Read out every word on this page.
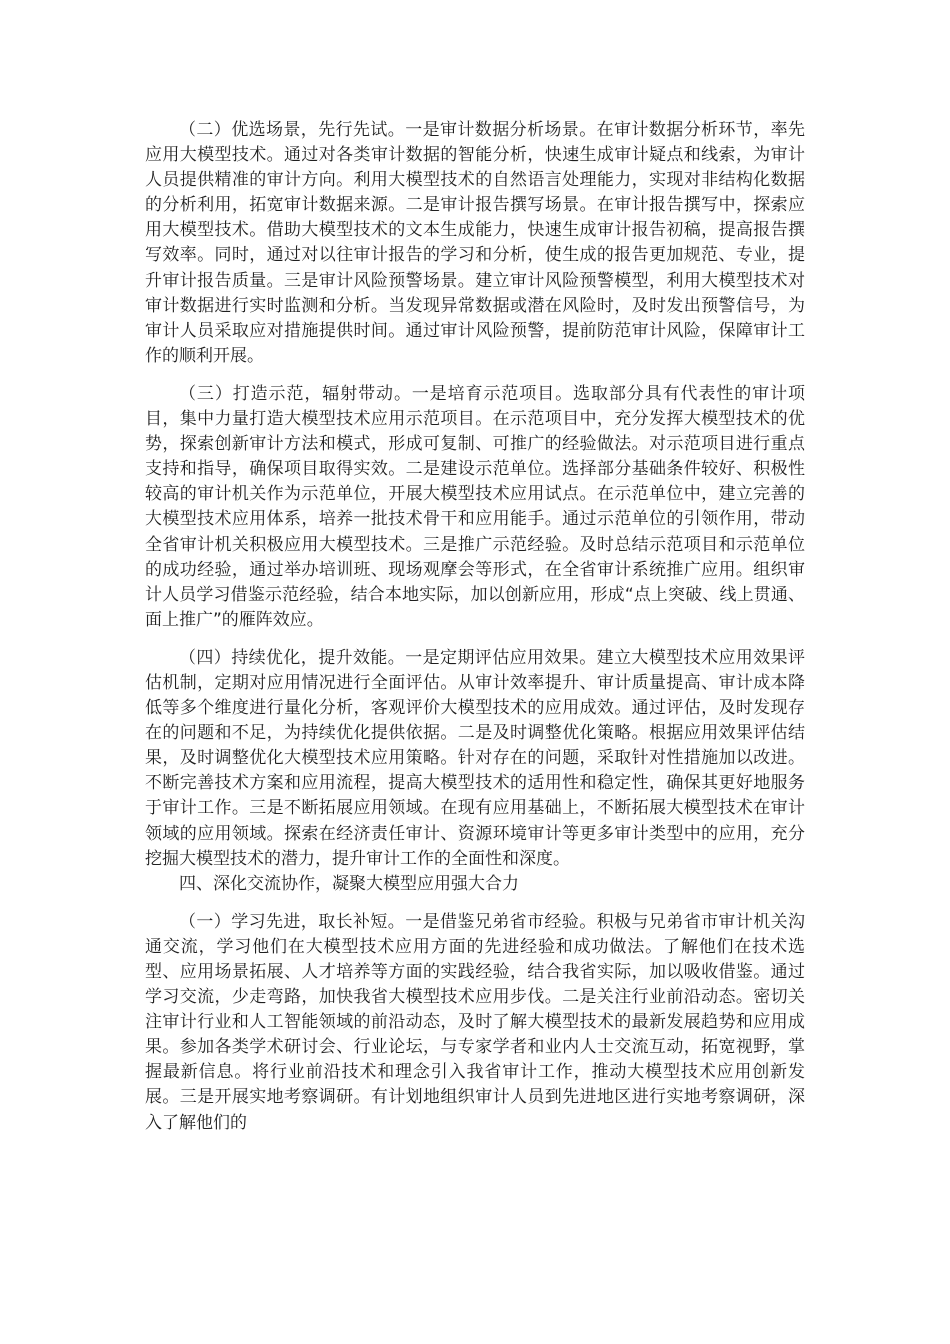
（二）优选场景，先行先试。一是审计数据分析场景。在审计数据分析环节，率先应用大模型技术。通过对各类审计数据的智能分析，快速生成审计疑点和线索，为审计人员提供精准的审计方向。利用大模型技术的自然语言处理能力，实现对非结构化数据的分析利用，拓宽审计数据来源。二是审计报告撰写场景。在审计报告撰写中，探索应用大模型技术。借助大模型技术的文本生成能力，快速生成审计报告初稿，提高报告撰写效率。同时，通过对以往审计报告的学习和分析，使生成的报告更加规范、专业，提升审计报告质量。三是审计风险预警场景。建立审计风险预警模型，利用大模型技术对审计数据进行实时监测和分析。当发现异常数据或潜在风险时，及时发出预警信号，为审计人员采取应对措施提供时间。通过审计风险预警，提前防范审计风险，保障审计工作的顺利开展。

（三）打造示范，辐射带动。一是培育示范项目。选取部分具有代表性的审计项目，集中力量打造大模型技术应用示范项目。在示范项目中，充分发挥大模型技术的优势，探索创新审计方法和模式，形成可复制、可推广的经验做法。对示范项目进行重点支持和指导，确保项目取得实效。二是建设示范单位。选择部分基础条件较好、积极性较高的审计机关作为示范单位，开展大模型技术应用试点。在示范单位中，建立完善的大模型技术应用体系，培养一批技术骨干和应用能手。通过示范单位的引领作用，带动全省审计机关积极应用大模型技术。三是推广示范经验。及时总结示范项目和示范单位的成功经验，通过举办培训班、现场观摩会等形式，在全省审计系统推广应用。组织审计人员学习借鉴示范经验，结合本地实际，加以创新应用，形成“点上突破、线上贯通、面上推广”的雁阵效应。

（四）持续优化，提升效能。一是定期评估应用效果。建立大模型技术应用效果评估机制，定期对应用情况进行全面评估。从审计效率提升、审计质量提高、审计成本降低等多个维度进行量化分析，客观评价大模型技术的应用成效。通过评估，及时发现存在的问题和不足，为持续优化提供依据。二是及时调整优化策略。根据应用效果评估结果，及时调整优化大模型技术应用策略。针对存在的问题，采取针对性措施加以改进。不断完善技术方案和应用流程，提高大模型技术的适用性和稳定性，确保其更好地服务于审计工作。三是不断拓展应用领域。在现有应用基础上，不断拓展大模型技术在审计领域的应用领域。探索在经济责任审计、资源环境审计等更多审计类型中的应用，充分挖掘大模型技术的潜力，提升审计工作的全面性和深度。

四、深化交流协作，凝聚大模型应用强大合力

（一）学习先进，取长补短。一是借鉴兄弟省市经验。积极与兄弟省市审计机关沟通交流，学习他们在大模型技术应用方面的先进经验和成功做法。了解他们在技术选型、应用场景拓展、人才培养等方面的实践经验，结合我省实际，加以吸收借鉴。通过学习交流，少走弯路，加快我省大模型技术应用步伐。二是关注行业前沿动态。密切关注审计行业和人工智能领域的前沿动态，及时了解大模型技术的最新发展趋势和应用成果。参加各类学术研讨会、行业论坛，与专家学者和业内人士交流互动，拓宽视野，掌握最新信息。将行业前沿技术和理念引入我省审计工作，推动大模型技术应用创新发展。三是开展实地考察调研。有计划地组织审计人员到先进地区进行实地考察调研，深入了解他们的
